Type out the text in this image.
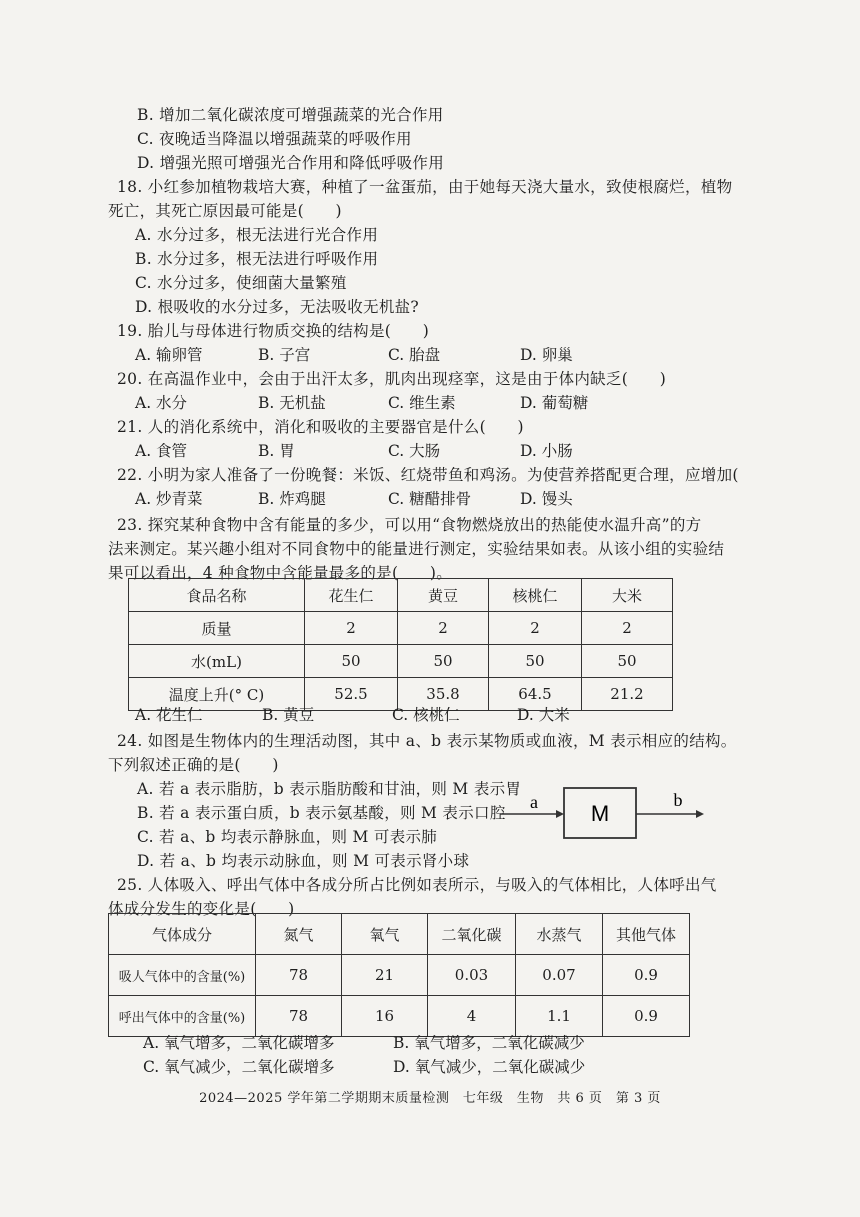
B. 增加二氧化碳浓度可增强蔬菜的光合作用
C. 夜晚适当降温以增强蔬菜的呼吸作用
D. 增强光照可增强光合作用和降低呼吸作用
18. 小红参加植物栽培大赛，种植了一盆蛋茄，由于她每天浇大量水，致使根腐烂，植物
死亡，其死亡原因最可能是(　　)
A. 水分过多，根无法进行光合作用
B. 水分过多，根无法进行呼吸作用
C. 水分过多，使细菌大量繁殖
D. 根吸收的水分过多，无法吸收无机盐?
19. 胎儿与母体进行物质交换的结构是(　　)
A. 输卵管	B. 子宫	C. 胎盘	D. 卵巢
20. 在高温作业中，会由于出汗太多，肌肉出现痉挛，这是由于体内缺乏(　　)
A. 水分	B. 无机盐	C. 维生素	D. 葡萄糖
21. 人的消化系统中，消化和吸收的主要器官是什么(　　)
A. 食管	B. 胃	C. 大肠	D. 小肠
22. 小明为家人准备了一份晚餐：米饭、红烧带鱼和鸡汤。为使营养搭配更合理，应增加(
A. 炒青菜	B. 炸鸡腿	C. 糖醋排骨	D. 馒头
23. 探究某种食物中含有能量的多少，可以用“食物燃烧放出的热能使水温升高”的方
法来测定。某兴趣小组对不同食物中的能量进行测定，实验结果如表。从该小组的实验结
果可以看出，4 种食物中含能量最多的是(　　)。
食品名称	花生仁	黄豆	核桃仁	大米
质量	2	2	2	2
水(mL)	50	50	50	50
温度上升(° C)	52.5	35.8	64.5	21.2
A. 花生仁	B. 黄豆	C. 核桃仁	D. 大米
24. 如图是生物体内的生理活动图，其中 a、b 表示某物质或血液，M 表示相应的结构。
下列叙述正确的是(　　)
A. 若 a 表示脂肪，b 表示脂肪酸和甘油，则 M 表示胃
B. 若 a 表示蛋白质，b 表示氨基酸，则 M 表示口腔
C. 若 a、b 均表示静脉血，则 M 可表示肺
D. 若 a、b 均表示动脉血，则 M 可表示肾小球
a M
b
25. 人体吸入、呼出气体中各成分所占比例如表所示，与吸入的气体相比，人体呼出气
体成分发生的变化是(　　)
气体成分	氮气	氧气	二氧化碳	水蒸气	其他气体
吸人气体中的含量(%)	78	21	0.03	0.07	0.9
呼出气体中的含量(%)	78	16	4	1.1	0.9
A. 氧气增多，二氧化碳增多	B. 氧气增多，二氧化碳减少
C. 氧气减少，二氧化碳增多	D. 氧气减少，二氧化碳减少
2024—2025 学年第二学期期末质量检测　七年级　生物　共 6 页　第 3 页
